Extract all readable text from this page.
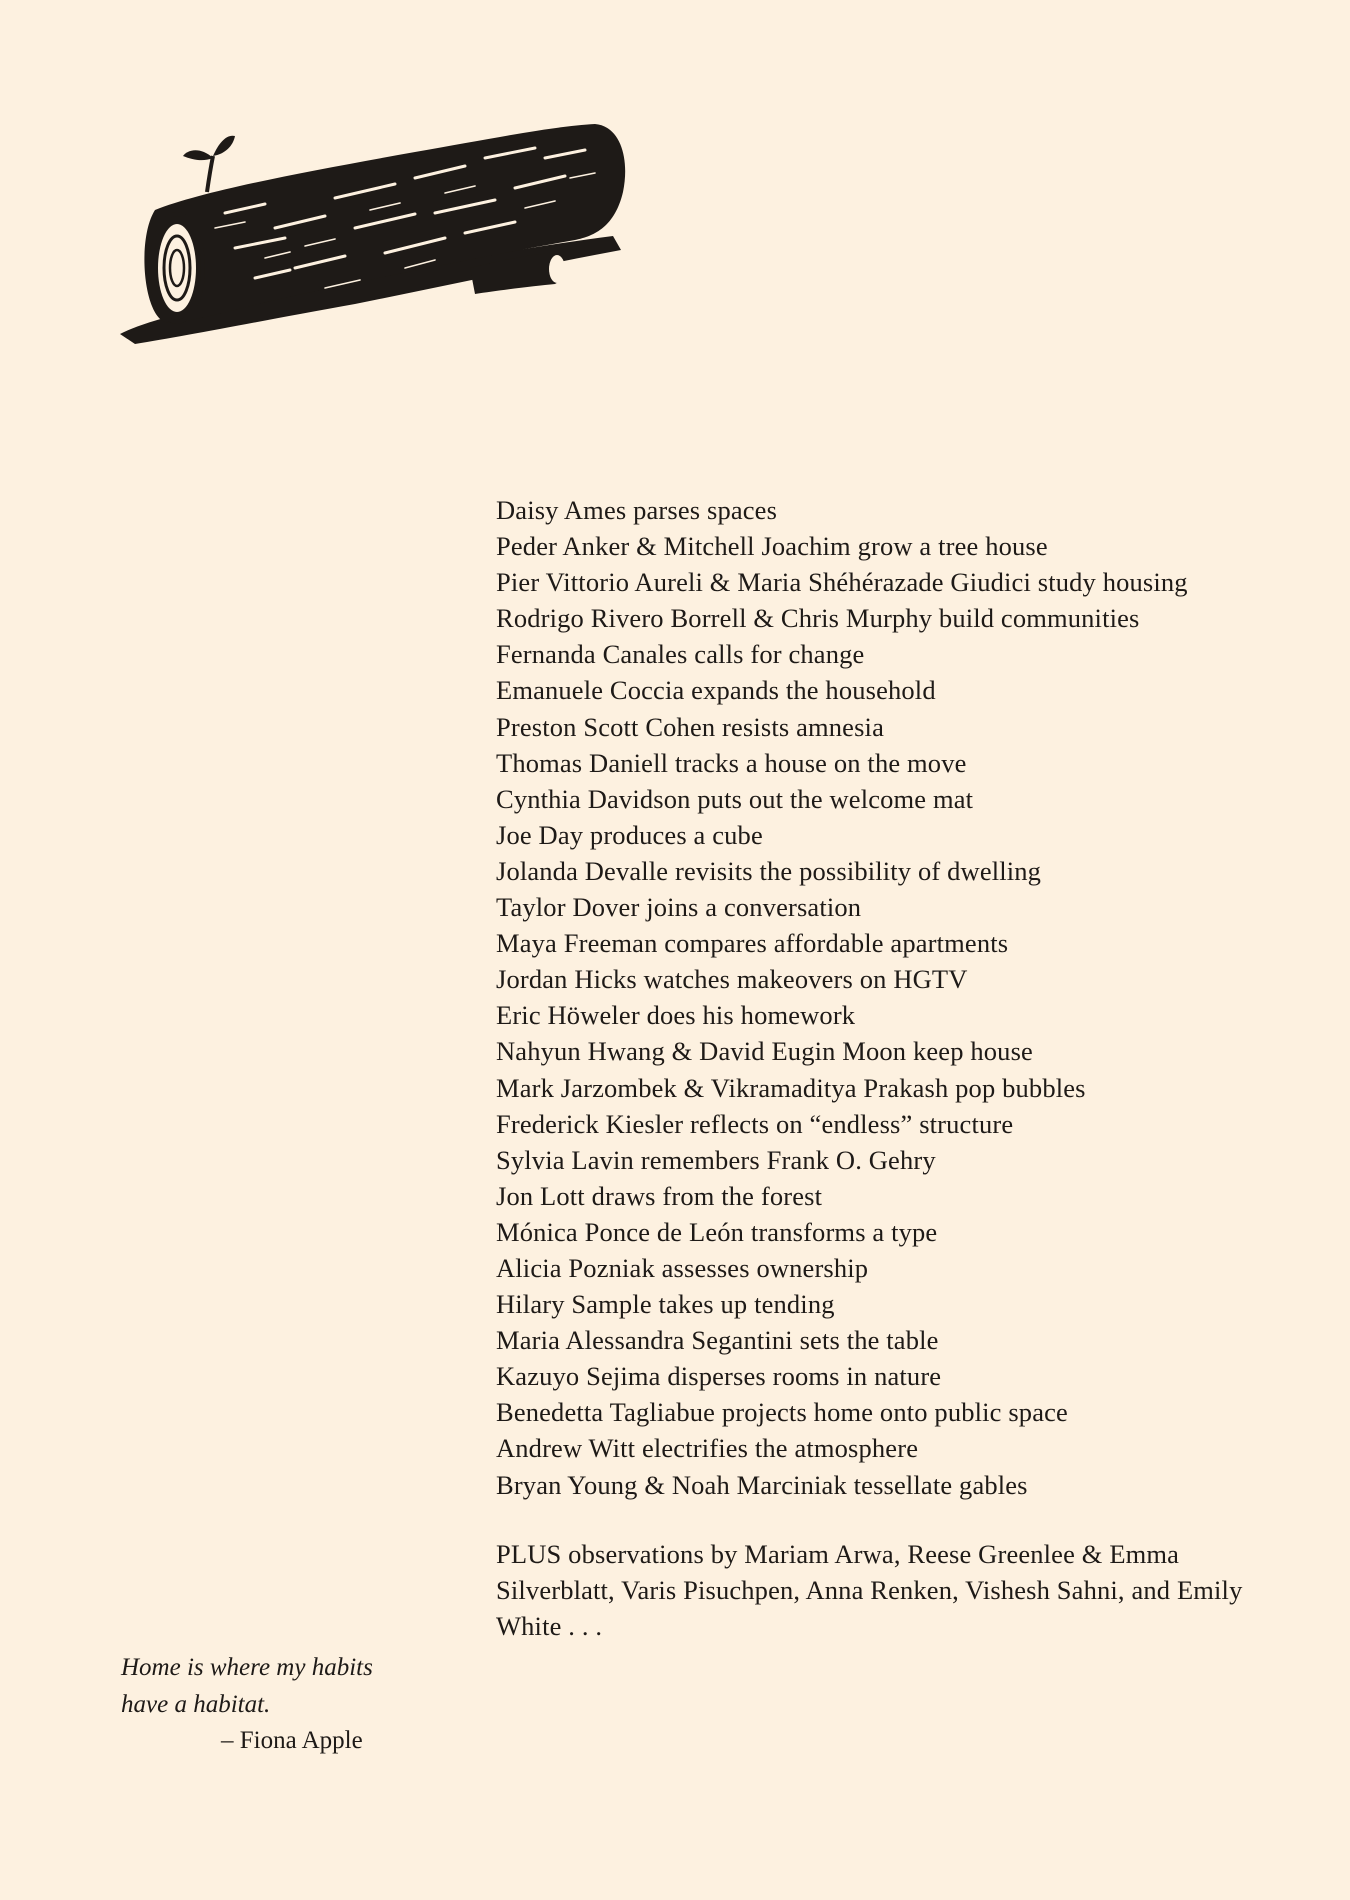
Daisy Ames parses spaces
Peder Anker & Mitchell Joachim grow a tree house
Pier Vittorio Aureli & Maria Shéhérazade Giudici study housing
Rodrigo Rivero Borrell & Chris Murphy build communities
Fernanda Canales calls for change
Emanuele Coccia expands the household
Preston Scott Cohen resists amnesia
Thomas Daniell tracks a house on the move
Cynthia Davidson puts out the welcome mat
Joe Day produces a cube
Jolanda Devalle revisits the possibility of dwelling
Taylor Dover joins a conversation
Maya Freeman compares affordable apartments
Jordan Hicks watches makeovers on HGTV
Eric Höweler does his homework
Nahyun Hwang & David Eugin Moon keep house
Mark Jarzombek & Vikramaditya Prakash pop bubbles
Frederick Kiesler reflects on “endless” structure
Sylvia Lavin remembers Frank O. Gehry
Jon Lott draws from the forest
Mónica Ponce de León transforms a type
Alicia Pozniak assesses ownership
Hilary Sample takes up tending
Maria Alessandra Segantini sets the table
Kazuyo Sejima disperses rooms in nature
Benedetta Tagliabue projects home onto public space
Andrew Witt electrifies the atmosphere
Bryan Young & Noah Marciniak tessellate gables

PLUS observations by Mariam Arwa, Reese Greenlee & Emma Silverblatt, Varis Pisuchpen, Anna Renken, Vishesh Sahni, and Emily White . . .

Home is where my habits
have a habitat.
– Fiona Apple
